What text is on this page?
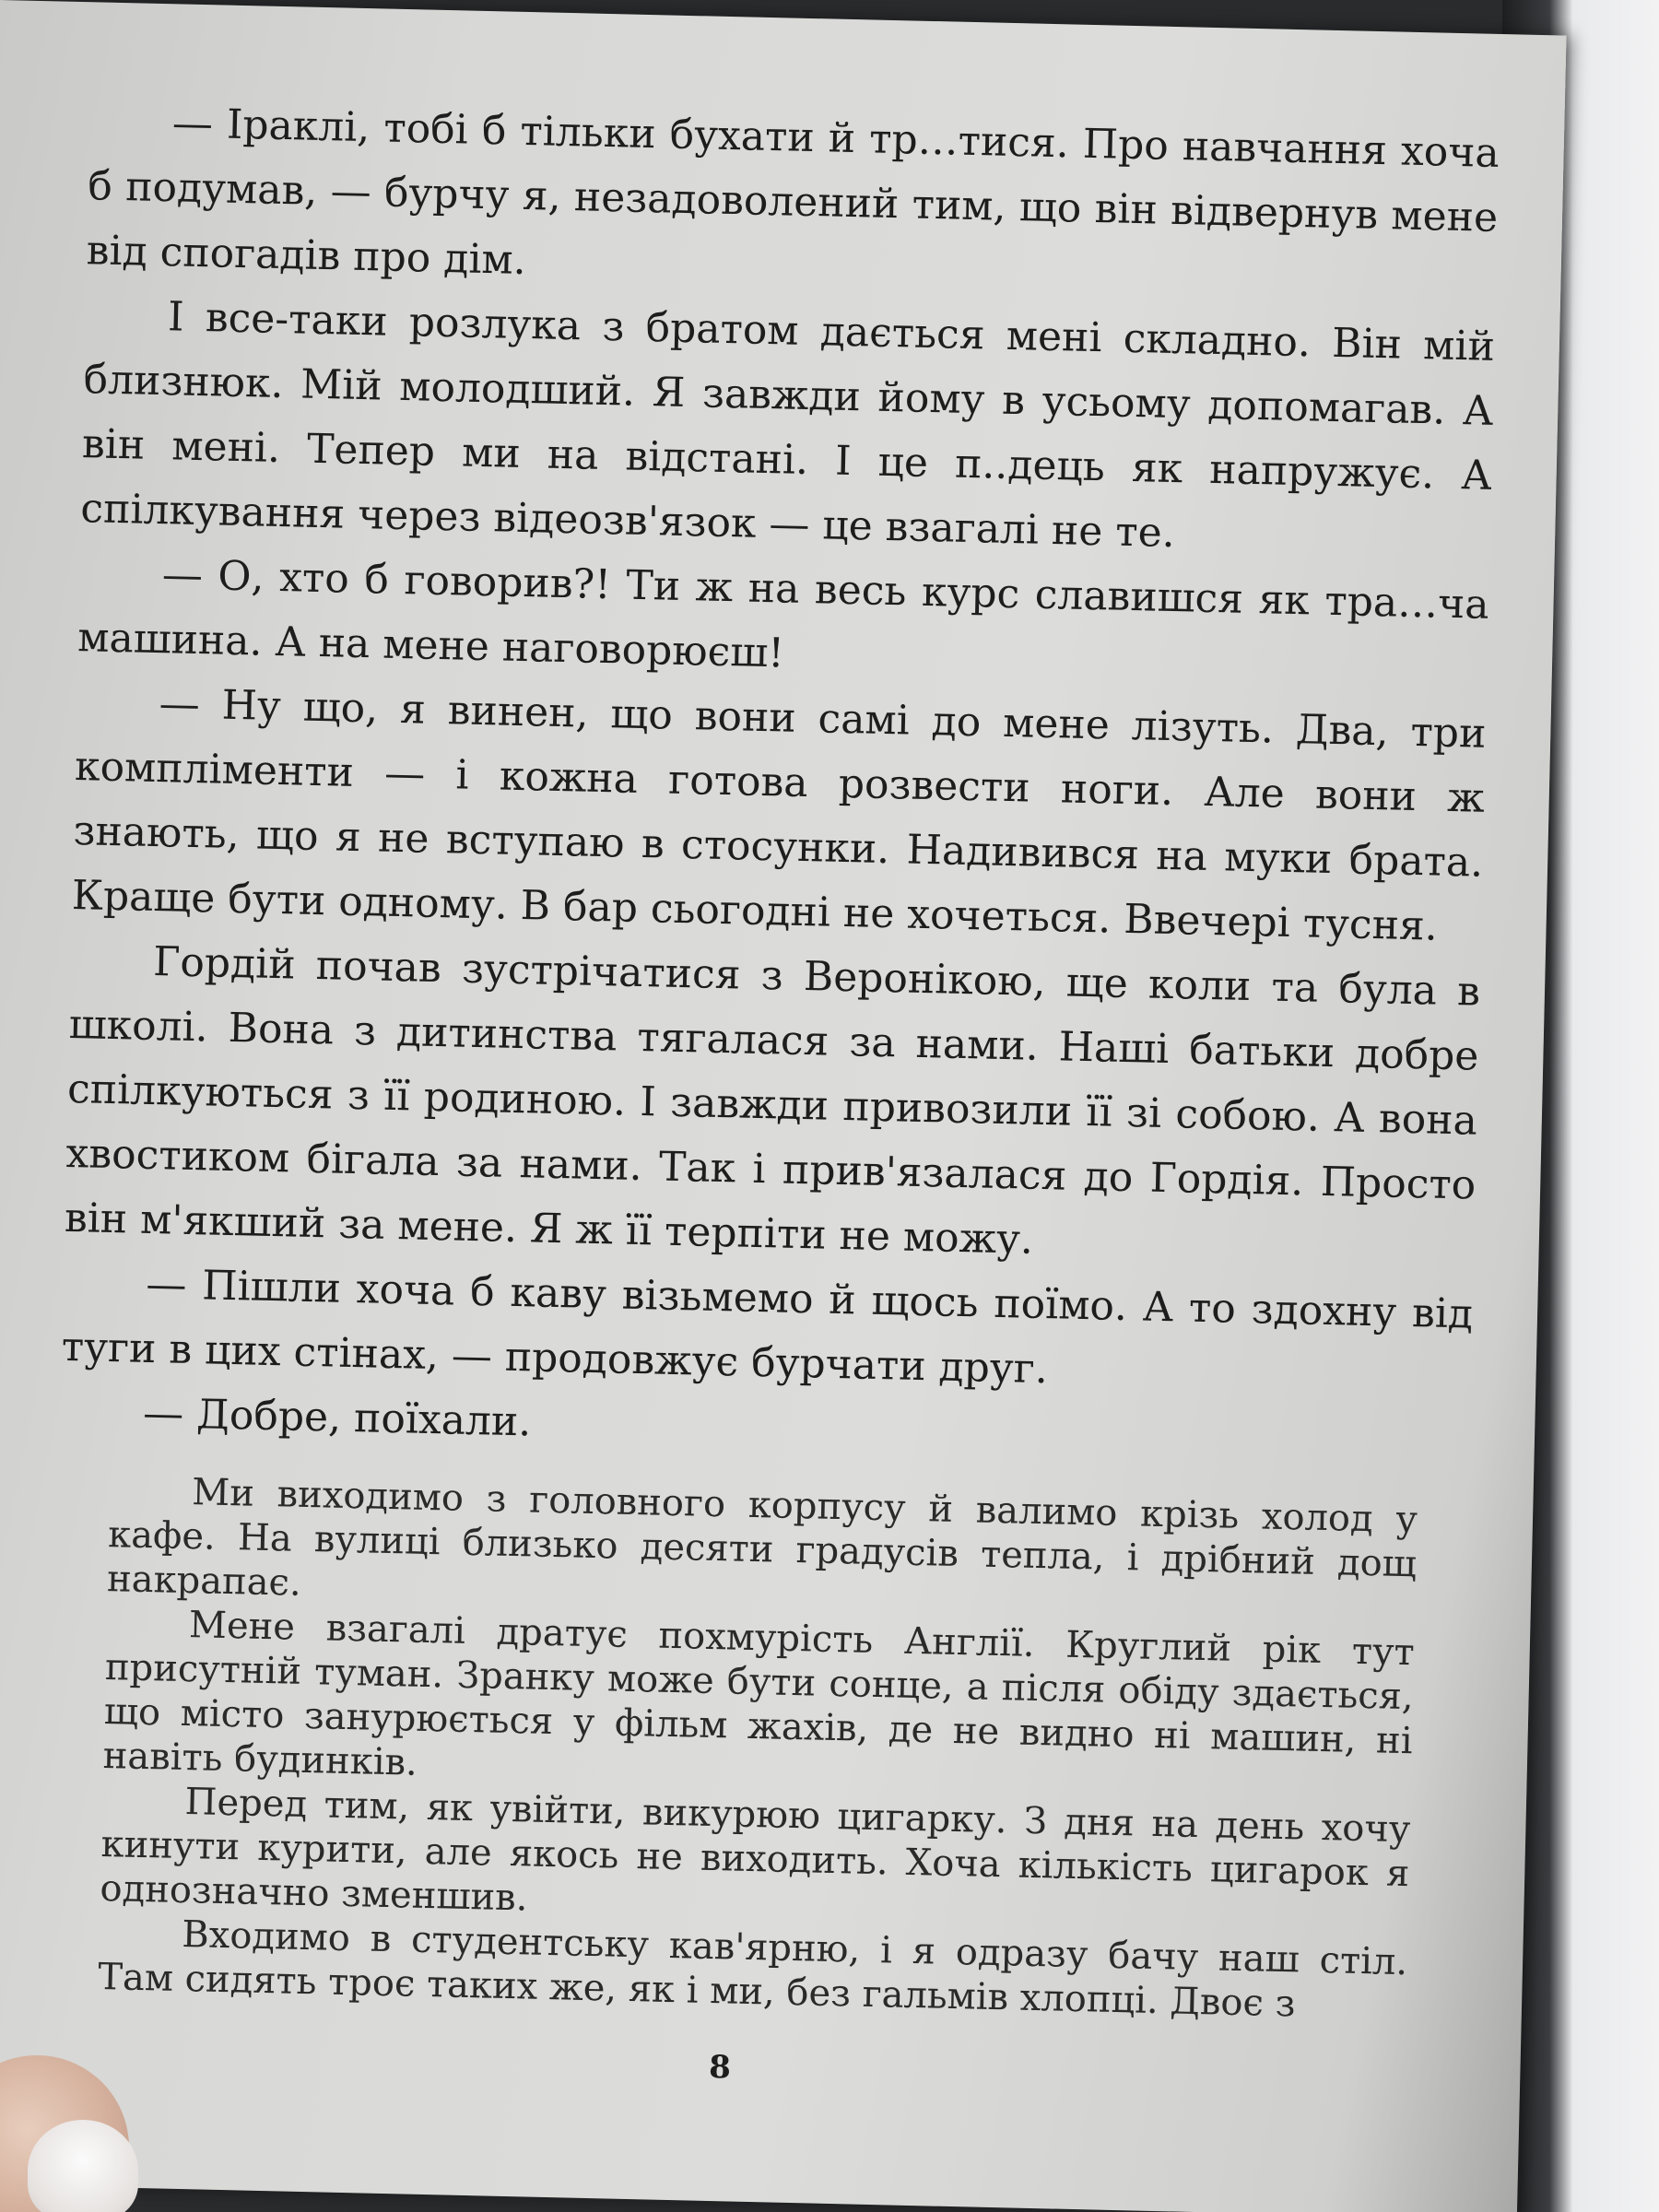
— Іраклі, тобі б тільки бухати й тр…тися. Про навчання хоча б подумав, — бурчу я, незадоволений тим, що він відвернув мене від спогадів про дім.

І все-таки розлука з братом дається мені складно. Він мій близнюк. Мій молодший. Я завжди йому в усьому допомагав. А він мені. Тепер ми на відстані. І це п..дець як напружує. А спілкування через відеозв'язок — це взагалі не те.

— О, хто б говорив?! Ти ж на весь курс славишся як тра…ча машина. А на мене наговорюєш!

— Ну що, я винен, що вони самі до мене лізуть. Два, три компліменти — і кожна готова розвести ноги. Але вони ж знають, що я не вступаю в стосунки. Надивився на муки брата. Краще бути одному. В бар сьогодні не хочеться. Ввечері тусня.

Гордій почав зустрічатися з Веронікою, ще коли та була в школі. Вона з дитинства тягалася за нами. Наші батьки добре спілкуються з її родиною. І завжди привозили її зі собою. А вона хвостиком бігала за нами. Так і прив'язалася до Гордія. Просто він м'якший за мене. Я ж її терпіти не можу.

— Пішли хоча б каву візьмемо й щось поїмо. А то здохну від туги в цих стінах, — продовжує бурчати друг.

— Добре, поїхали.

Ми виходимо з головного корпусу й валимо крізь холод у кафе. На вулиці близько десяти градусів тепла, і дрібний дощ накрапає.

Мене взагалі дратує похмурість Англії. Круглий рік тут присутній туман. Зранку може бути сонце, а після обіду здається, що місто занурюється у фільм жахів, де не видно ні машин, ні навіть будинків.

Перед тим, як увійти, викурюю цигарку. З дня на день хочу кинути курити, але якось не виходить. Хоча кількість цигарок я однозначно зменшив.

Входимо в студентську кав'ярню, і я одразу бачу наш стіл. Там сидять троє таких же, як і ми, без гальмів хлопці. Двоє з

8
